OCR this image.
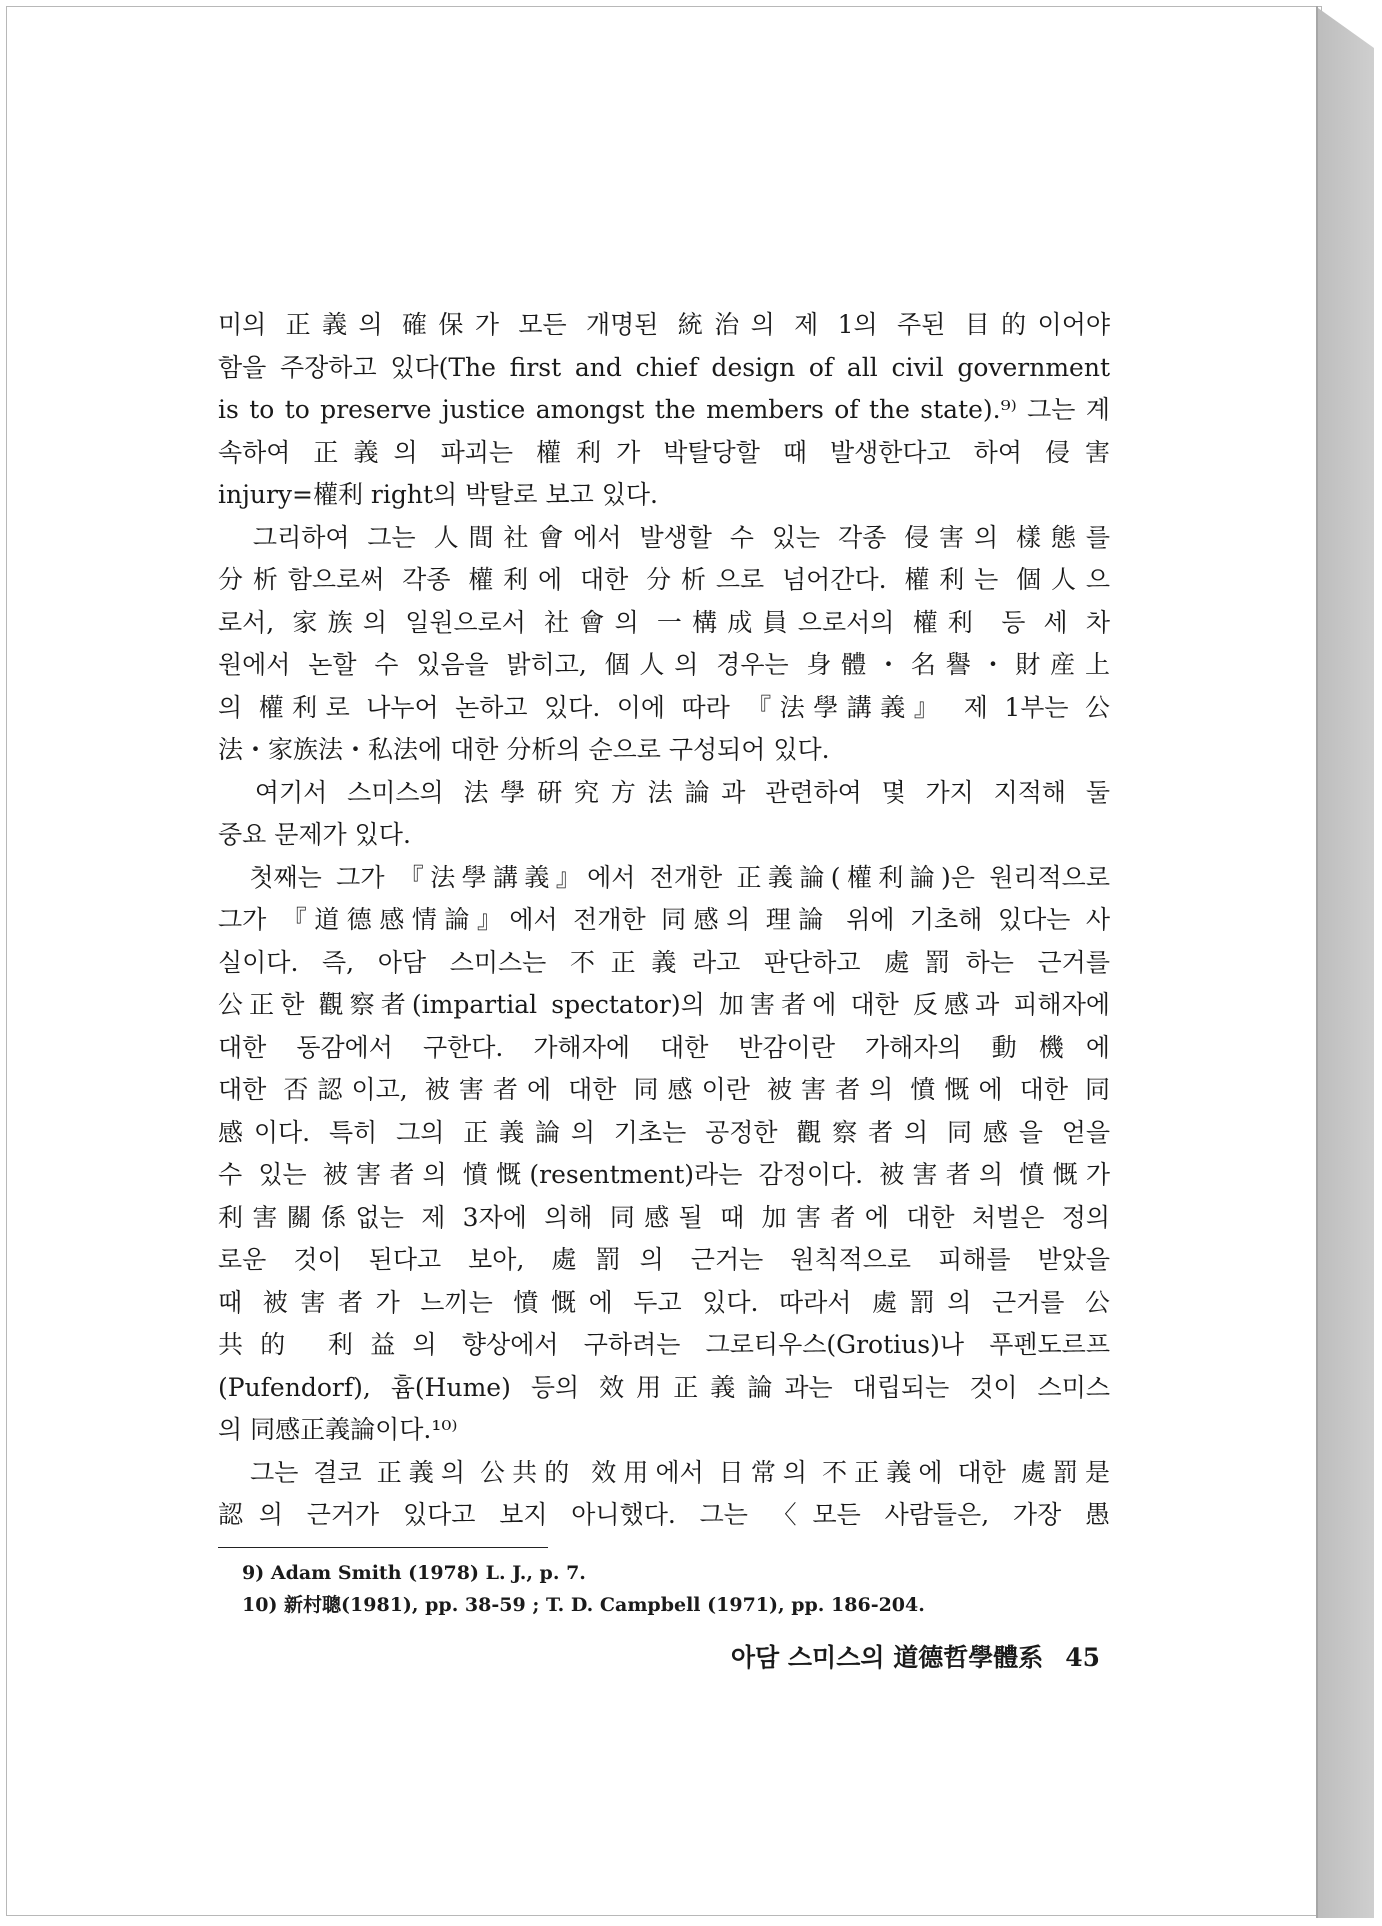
미의 正義의 確保가 모든 개명된 統治의 제 1의 주된 目的이어야
함을 주장하고 있다(The first and chief design of all civil government
is to to preserve justice amongst the members of the state).⁹⁾ 그는 계
속하여 正義의 파괴는 權利가 박탈당할 때 발생한다고 하여 侵害
injury=權利 right의 박탈로 보고 있다.
　그리하여 그는 人間社會에서 발생할 수 있는 각종 侵害의 樣態를
分析함으로써 각종 權利에 대한 分析으로 넘어간다. 權利는 個人으
로서, 家族의 일원으로서 社會의 一構成員으로서의 權利 등 세 차
원에서 논할 수 있음을 밝히고, 個人의 경우는 身體・名譽・財産上
의 權利로 나누어 논하고 있다. 이에 따라 『法學講義』 제 1부는 公
法・家族法・私法에 대한 分析의 순으로 구성되어 있다.
　여기서 스미스의 法學硏究方法論과 관련하여 몇 가지 지적해 둘
중요 문제가 있다.
　첫째는 그가 『法學講義』에서 전개한 正義論(權利論)은 원리적으로
그가 『道德感情論』에서 전개한 同感의 理論 위에 기초해 있다는 사
실이다. 즉, 아담 스미스는 不正義라고 판단하고 處罰하는 근거를
公正한 觀察者(impartial spectator)의 加害者에 대한 反感과 피해자에
대한 동감에서 구한다. 가해자에 대한 반감이란 가해자의 動機에
대한 否認이고, 被害者에 대한 同感이란 被害者의 憤慨에 대한 同
感이다. 특히 그의 正義論의 기초는 공정한 觀察者의 同感을 얻을
수 있는 被害者의 憤慨(resentment)라는 감정이다. 被害者의 憤慨가
利害關係없는 제 3자에 의해 同感될 때 加害者에 대한 처벌은 정의
로운 것이 된다고 보아, 處罰의 근거는 원칙적으로 피해를 받았을
때 被害者가 느끼는 憤慨에 두고 있다. 따라서 處罰의 근거를 公
共的 利益의 향상에서 구하려는 그로티우스(Grotius)나 푸펜도르프
(Pufendorf), 흄(Hume) 등의 效用正義論과는 대립되는 것이 스미스
의 同感正義論이다.¹⁰⁾
　그는 결코 正義의 公共的 效用에서 日常의 不正義에 대한 處罰是
認의 근거가 있다고 보지 아니했다. 그는 〈모든 사람들은, 가장 愚
9) Adam Smith (1978) L. J., p. 7.
10) 新村聰(1981), pp. 38-59 ; T. D. Campbell (1971), pp. 186-204.
아담 스미스의 道德哲學體系 45
